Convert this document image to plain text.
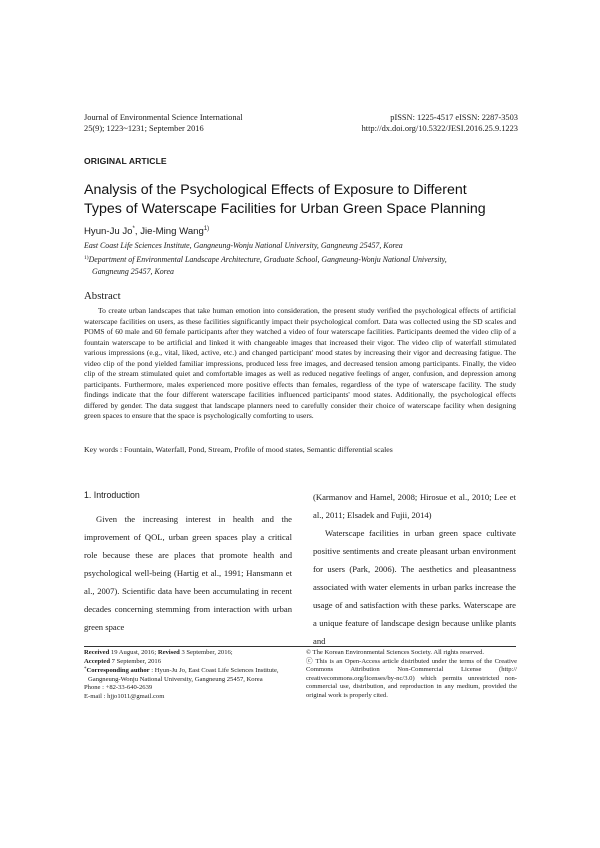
Journal of Environmental Science International
25(9); 1223~1231; September 2016
pISSN: 1225-4517 eISSN: 2287-3503
http://dx.doi.org/10.5322/JESI.2016.25.9.1223
ORIGINAL ARTICLE
Analysis of the Psychological Effects of Exposure to Different
Types of Waterscape Facilities for Urban Green Space Planning
Hyun-Ju Jo*, Jie-Ming Wang$^{1)}$
East Coast Life Sciences Institute, Gangneung-Wonju National University, Gangneung 25457, Korea
$^{1)}$Department of Environmental Landscape Architecture, Graduate School, Gangneung-Wonju National University,
Gangneung 25457, Korea
Abstract
To create urban landscapes that take human emotion into consideration, the present study verified the psychological effects of artificial waterscape facilities on users, as these facilities significantly impact their psychological comfort. Data was collected using the SD scales and POMS of 60 male and 60 female participants after they watched a video of four waterscape facilities. Participants deemed the video clip of a fountain waterscape to be artificial and linked it with changeable images that increased their vigor. The video clip of waterfall stimulated various impressions (e.g., vital, liked, active, etc.) and changed participant' mood states by increasing their vigor and decreasing fatigue. The video clip of the pond yielded familiar impressions, produced less free images, and decreased tension among participants. Finally, the video clip of the stream stimulated quiet and comfortable images as well as reduced negative feelings of anger, confusion, and depression among participants. Furthermore, males experienced more positive effects than females, regardless of the type of waterscape facility. The study findings indicate that the four different waterscape facilities influenced participants' mood states. Additionally, the psychological effects differed by gender. The data suggest that landscape planners need to carefully consider their choice of waterscape facility when designing green spaces to ensure that the space is psychologically comforting to users.
Key words : Fountain, Waterfall, Pond, Stream, Profile of mood states, Semantic differential scales
1. Introduction
Given the increasing interest in health and the improvement of QOL, urban green spaces play a critical role because these are places that promote health and psychological well-being (Hartig et al., 1991; Hansmann et al., 2007). Scientific data have been accumulating in recent decades concerning stemming from interaction with urban green space
(Karmanov and Hamel, 2008; Hirosue et al., 2010; Lee et al., 2011; Elsadek and Fujii, 2014)
Waterscape facilities in urban green space cultivate positive sentiments and create pleasant urban environment for users (Park, 2006). The aesthetics and pleasantness associated with water elements in urban parks increase the usage of and satisfaction with these parks. Waterscape are a unique feature of landscape design because unlike plants and
Received 19 August, 2016; Revised 3 September, 2016;
Accepted 7 September, 2016
*Corresponding author : Hyun-Ju Jo, East Coast Life Sciences Institute,
Gangneung-Wonju National University, Gangneung 25457, Korea
Phone : +82-33-640-2639
E-mail : hjjo1011@gmail.com
© The Korean Environmental Sciences Society. All rights reserved.
ⓒ This is an Open-Access article distributed under the terms of the Creative Commons Attribution Non-Commercial License (http:// creativecommons.org/licenses/by-nc/3.0) which permits unrestricted non-commercial use, distribution, and reproduction in any medium, provided the original work is properly cited.
